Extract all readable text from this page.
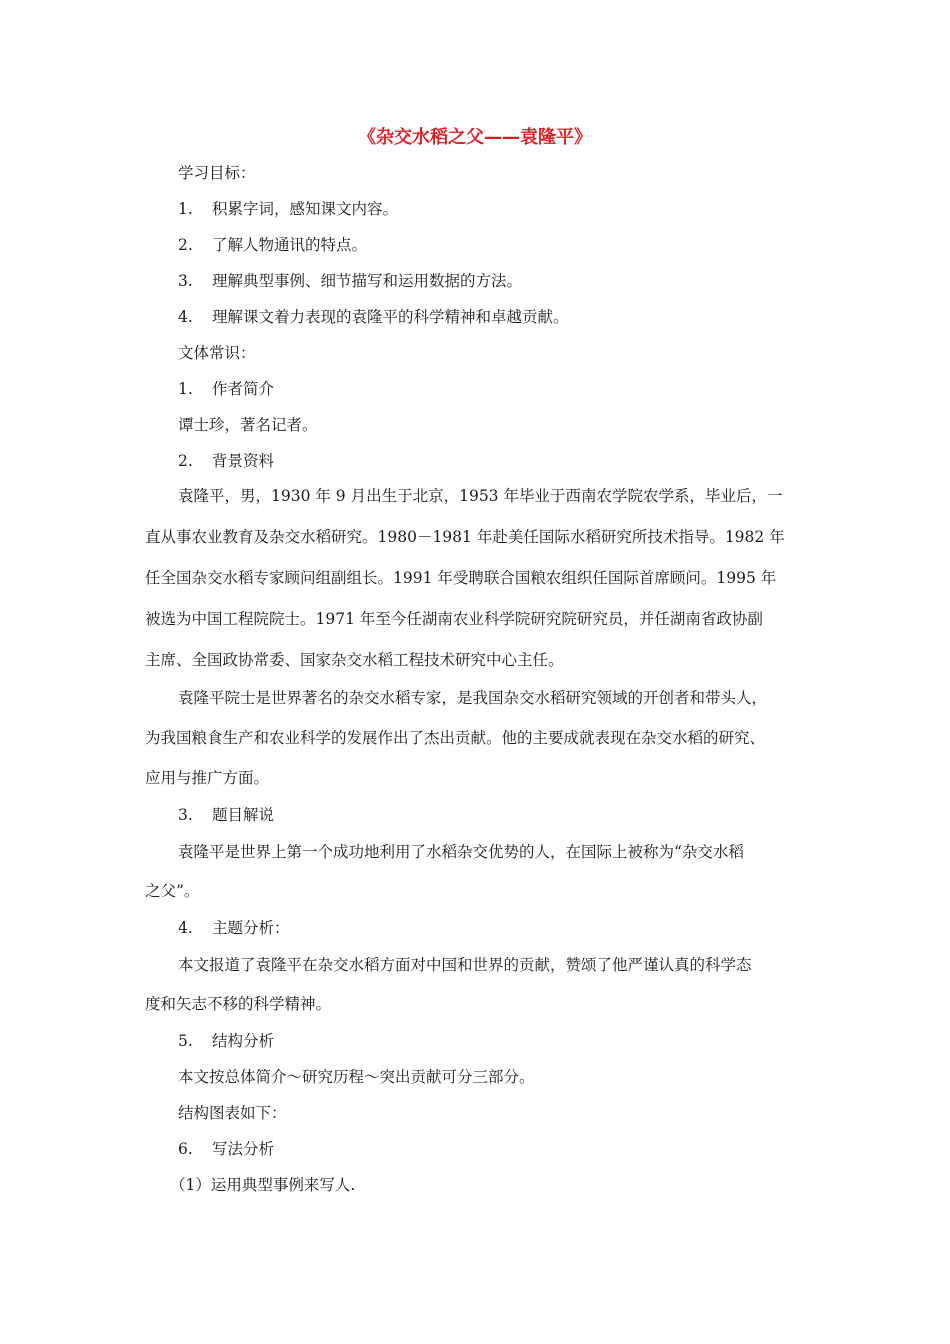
《杂交水稻之父——袁隆平》
学习目标：
1. 积累字词，感知课文内容。
2. 了解人物通讯的特点。
3. 理解典型事例、细节描写和运用数据的方法。
4. 理解课文着力表现的袁隆平的科学精神和卓越贡献。
文体常识：
1. 作者简介
谭士珍，著名记者。
2. 背景资料
袁隆平，男，1930 年 9 月出生于北京，1953 年毕业于西南农学院农学系，毕业后，一
直从事农业教育及杂交水稻研究。1980－1981 年赴美任国际水稻研究所技术指导。1982 年
任全国杂交水稻专家顾问组副组长。1991 年受聘联合国粮农组织任国际首席顾问。1995 年
被选为中国工程院院士。1971 年至今任湖南农业科学院研究院研究员，并任湖南省政协副
主席、全国政协常委、国家杂交水稻工程技术研究中心主任。
袁隆平院士是世界著名的杂交水稻专家，是我国杂交水稻研究领域的开创者和带头人，
为我国粮食生产和农业科学的发展作出了杰出贡献。他的主要成就表现在杂交水稻的研究、
应用与推广方面。
3. 题目解说
袁隆平是世界上第一个成功地利用了水稻杂交优势的人，在国际上被称为“杂交水稻
之父”。
4. 主题分析：
本文报道了袁隆平在杂交水稻方面对中国和世界的贡献，赞颂了他严谨认真的科学态
度和矢志不移的科学精神。
5. 结构分析
本文按总体简介～研究历程～突出贡献可分三部分。
结构图表如下：
6. 写法分析
（1）运用典型事例来写人.
